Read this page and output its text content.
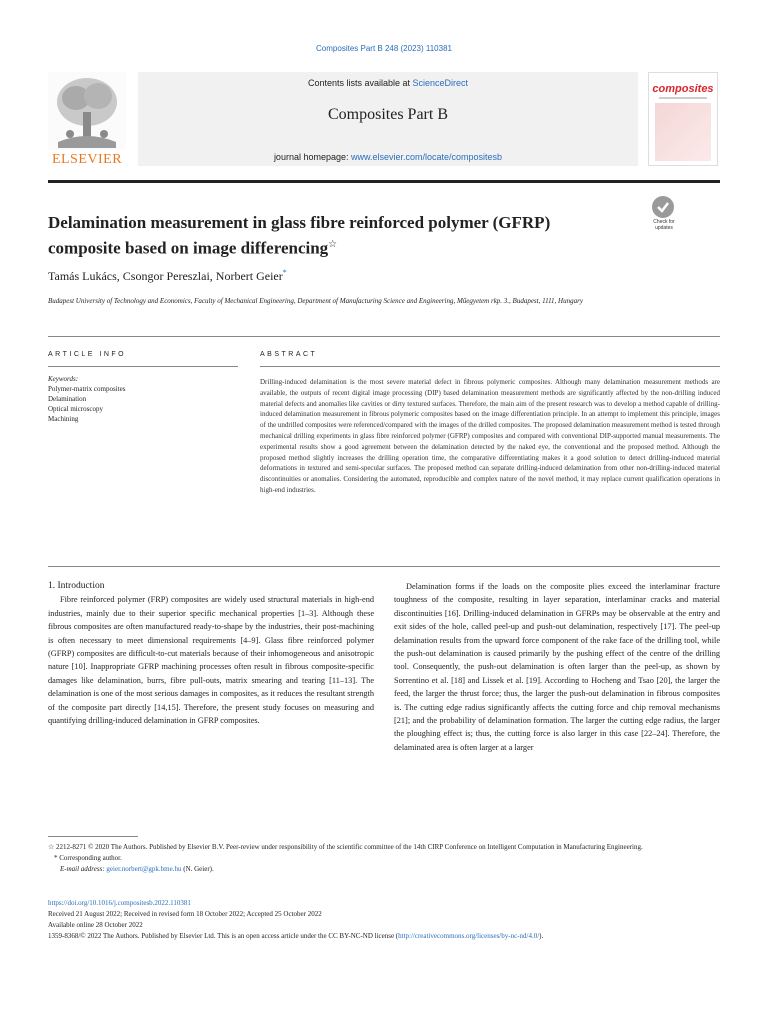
Composites Part B 248 (2023) 110381
ELSEVIER
Contents lists available at ScienceDirect
Composites Part B
journal homepage: www.elsevier.com/locate/compositesb
composites
Delamination measurement in glass fibre reinforced polymer (GFRP) composite based on image differencing☆
Check for updates
Tamás Lukács, Csongor Pereszlai, Norbert Geier*
Budapest University of Technology and Economics, Faculty of Mechanical Engineering, Department of Manufacturing Science and Engineering, Műegyetem rkp. 3., Budapest, 1111, Hungary
ARTICLE INFO	ABSTRACT
Keywords:
Polymer-matrix composites
Delamination
Optical microscopy
Machining
Drilling-induced delamination is the most severe material defect in fibrous polymeric composites. Although many delamination measurement methods are available, the outputs of recent digital image processing (DIP) based delamination measurement methods are significantly affected by the non-drilling induced material defects and anomalies like cavities or dirty textured surfaces. Therefore, the main aim of the present research was to develop a method capable of drilling-induced delamination measurement in fibrous polymeric composites based on the image differentiation principle. In an attempt to implement this principle, images of the undrilled composites were referenced/compared with the images of the drilled composites. The proposed delamination measurement method is tested through mechanical drilling experiments in glass fibre reinforced polymer (GFRP) composites and compared with conventional DIP-supported manual measurements. The experimental results show a good agreement between the delamination detected by the naked eye, the conventional and the proposed method. Although the proposed method slightly increases the drilling operation time, the comparative differentiating makes it a good solution to detect drilling-induced material deformations in textured and semi-specular surfaces. The proposed method can separate drilling-induced delamination from other non-drilling-induced material discontinuities or anomalies. Considering the automated, reproducible and complex nature of the novel method, it may replace current qualification operations in high-end industries.

1. Introduction

Fibre reinforced polymer (FRP) composites are widely used structural materials in high-end industries, mainly due to their superior specific mechanical properties [1–3]. Although these fibrous composites are often manufactured ready-to-shape by the industries, their post-machining is often necessary to meet dimensional requirements [4–9]. Glass fibre reinforced polymer (GFRP) composites are difficult-to-cut materials because of their inhomogeneous and anisotropic nature [10]. Inappropriate GFRP machining processes often result in fibrous composite-specific damages like delamination, burrs, fibre pull-outs, matrix smearing and tearing [11–13]. The delamination is one of the most serious damages in composites, as it reduces the resultant strength of the composite part directly [14,15]. Therefore, the present study focuses on measuring and quantifying drilling-induced delamination in GFRP composites.

Delamination forms if the loads on the composite plies exceed the interlaminar fracture toughness of the composite, resulting in layer separation, interlaminar cracks and material discontinuities [16]. Drilling-induced delamination in GFRPs may be observable at the entry and exit sides of the hole, called peel-up and push-out delamination, respectively [17]. The peel-up delamination results from the upward force component of the rake face of the drilling tool, while the push-out delamination is caused primarily by the pushing effect of the centre of the drilling tool. Consequently, the push-out delamination is often larger than the peel-up, as shown by Sorrentino et al. [18] and Lissek et al. [19]. According to Hocheng and Tsao [20], the larger the feed, the larger the thrust force; thus, the larger the push-out delamination in fibrous composites is. The cutting edge radius significantly affects the cutting force and chip removal mechanisms [21]; and the probability of delamination formation. The larger the cutting edge radius, the larger the ploughing effect is; thus, the cutting force is also larger in this case [22–24]. Therefore, the delaminated area is often larger at a larger

☆ 2212-8271 © 2020 The Authors. Published by Elsevier B.V. Peer-review under responsibility of the scientific committee of the 14th CIRP Conference on Intelligent Computation in Manufacturing Engineering.

* Corresponding author.

E-mail address: geier.norbert@gpk.bme.hu (N. Geier).

https://doi.org/10.1016/j.compositesb.2022.110381

Received 21 August 2022; Received in revised form 18 October 2022; Accepted 25 October 2022

Available online 28 October 2022

1359-8368/© 2022 The Authors. Published by Elsevier Ltd. This is an open access article under the CC BY-NC-ND license (http://creativecommons.org/licenses/by-nc-nd/4.0/).
